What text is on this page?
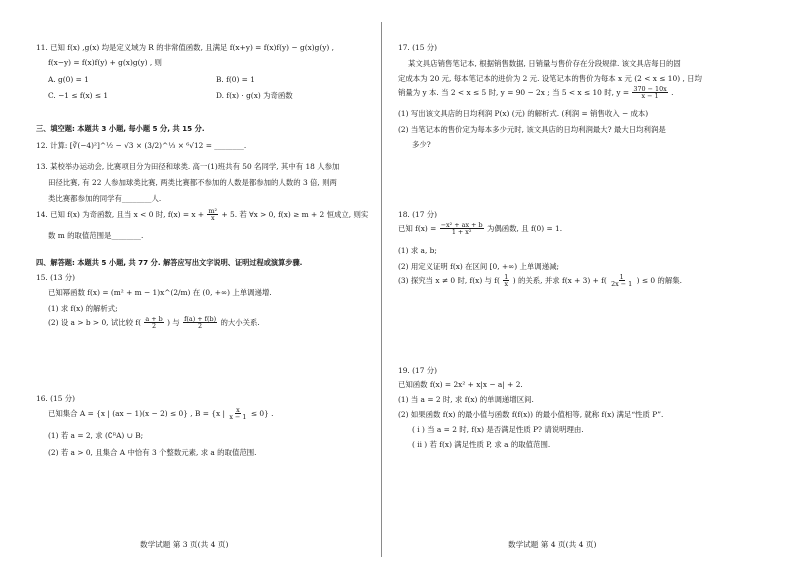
11. 已知 f(x) ,g(x) 均是定义域为 R 的非常值函数, 且满足 f(x+y) = f(x)f(y) − g(x)g(y) ,
f(x−y) = f(x)f(y) + g(x)g(y) , 则
A. g(0) = 1	B. f(0) = 1
C. −1 ≤ f(x) ≤ 1	D. f(x) · g(x) 为奇函数
三、填空题: 本题共 3 小题, 每小题 5 分, 共 15 分.
12. 计算: [∛(−4)²]^½ − √3 × (3/2)^⅓ × ⁶√12 = ________.
13. 某校举办运动会, 比赛项目分为田径和球类. 高一(1)班共有 50 名同学, 其中有 18 人参加
田径比赛, 有 22 人参加球类比赛, 两类比赛都不参加的人数是都参加的人数的 3 倍, 则两
类比赛都参加的同学有________人.
14. 已知 f(x) 为奇函数, 且当 x < 0 时, $f(x) = x + \frac{\text{m²}}{x} + 5$. 若 ∀x > 0, f(x) ≥ m + 2 恒成立, 则实
数 m 的取值范围是________.
四、解答题: 本题共 5 小题, 共 77 分. 解答应写出文字说明、证明过程或演算步骤.
15. (13 分)
已知幂函数 f(x) = (m² + m − 1)x^(2/m) 在 (0, +∞) 上单调递增.
(1) 求 f(x) 的解析式;
(2) 设 a > b > 0, 试比较 $f( \frac{a + b}{2}$ ) 与 $\frac{f(a) + f(b)}{2}$ 的大小关系.
16. (15 分)
已知集合 A = {x | (ax − 1)(x − 2) ≤ 0} , B = {x | $\frac{x}{x - 1} \le 0$} .
(1) 若 a = 2, 求 (∁ᴿA) ∪ B;
(2) 若 a > 0, 且集合 A 中恰有 3 个整数元素, 求 a 的取值范围.
数学试题 第 3 页(共 4 页)
17. (15 分)
某文具店销售笔记本, 根据销售数据, 日销量与售价存在分段规律. 该文具店每日的固
定成本为 20 元, 每本笔记本的进价为 2 元. 设笔记本的售价为每本 x 元 (2 < x ≤ 10) , 日均
销量为 y 本. 当 2 < x ≤ 5 时, y = 90 − 2x ; 当 5 < x ≤ 10 时, $y = \frac{370 - 10x}{x - 1}$ .
(1) 写出该文具店的日均利润 P(x) (元) 的解析式. (利润 = 销售收入 − 成本)
(2) 当笔记本的售价定为每本多少元时, 该文具店的日均利润最大? 最大日均利润是
多少?
18. (17 分)
已知 $f(x) = \frac{\text{−x² + ax + b}}{\text{1 + x²}}$ 为偶函数, 且 f(0) = 1.
(1) 求 a, b;
(2) 用定义证明 f(x) 在区间 [0, +∞) 上单调递减;
(3) 探究当 x ≠ 0 时, f(x) 与 $f( \frac{1}{x}$ ) 的关系, 并求 $f(x + 3) + f( \frac{1}{2x - 1}$ ) ≤ 0 的解集.
19. (17 分)
已知函数 f(x) = 2x² + x|x − a| + 2.
(1) 当 a = 2 时, 求 f(x) 的单调递增区间.
(2) 如果函数 f(x) 的最小值与函数 f(f(x)) 的最小值相等, 就称 f(x) 满足“性质 P”.
( i ) 当 a = 2 时, f(x) 是否满足性质 P? 请说明理由.
( ii ) 若 f(x) 满足性质 P, 求 a 的取值范围.
数学试题 第 4 页(共 4 页)
